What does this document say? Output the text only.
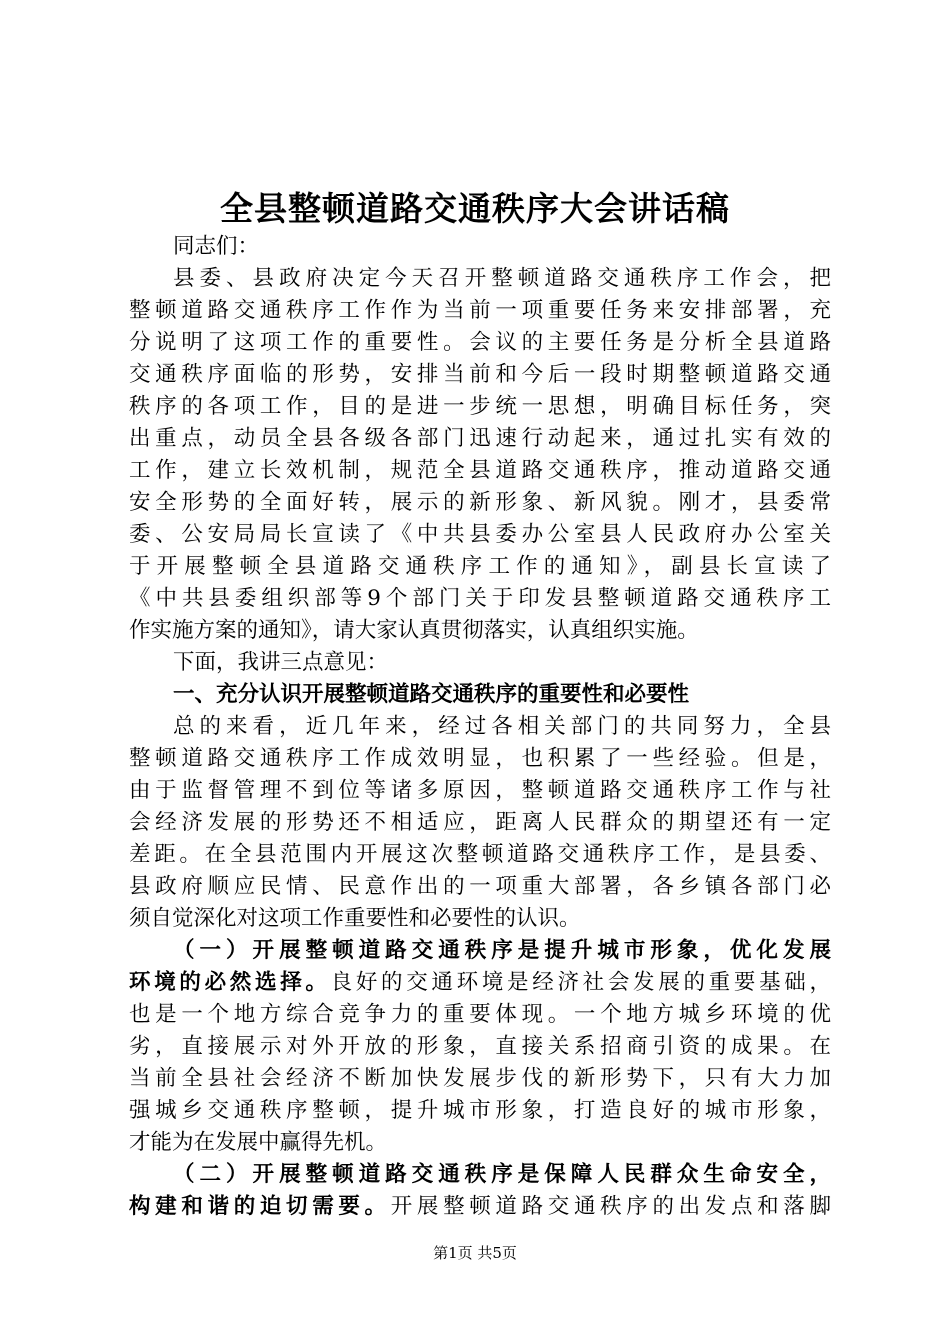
全县整顿道路交通秩序大会讲话稿
同志们：
县委、县政府决定今天召开整顿道路交通秩序工作会，把
整顿道路交通秩序工作作为当前一项重要任务来安排部署，充
分说明了这项工作的重要性。会议的主要任务是分析全县道路
交通秩序面临的形势，安排当前和今后一段时期整顿道路交通
秩序的各项工作，目的是进一步统一思想，明确目标任务，突
出重点，动员全县各级各部门迅速行动起来，通过扎实有效的
工作，建立长效机制，规范全县道路交通秩序，推动道路交通
安全形势的全面好转，展示的新形象、新风貌。刚才，县委常
委、公安局局长宣读了《中共县委办公室县人民政府办公室关
于开展整顿全县道路交通秩序工作的通知》，副县长宣读了
《中共县委组织部等9个部门关于印发县整顿道路交通秩序工
作实施方案的通知》，请大家认真贯彻落实，认真组织实施。
下面，我讲三点意见：
一、充分认识开展整顿道路交通秩序的重要性和必要性
总的来看，近几年来，经过各相关部门的共同努力，全县
整顿道路交通秩序工作成效明显，也积累了一些经验。但是，
由于监督管理不到位等诸多原因，整顿道路交通秩序工作与社
会经济发展的形势还不相适应，距离人民群众的期望还有一定
差距。在全县范围内开展这次整顿道路交通秩序工作，是县委、
县政府顺应民情、民意作出的一项重大部署，各乡镇各部门必
须自觉深化对这项工作重要性和必要性的认识。
（一）开展整顿道路交通秩序是提升城市形象，优化发展
环境的必然选择。良好的交通环境是经济社会发展的重要基础，
也是一个地方综合竞争力的重要体现。一个地方城乡环境的优
劣，直接展示对外开放的形象，直接关系招商引资的成果。在
当前全县社会经济不断加快发展步伐的新形势下，只有大力加
强城乡交通秩序整顿，提升城市形象，打造良好的城市形象，
才能为在发展中赢得先机。
（二）开展整顿道路交通秩序是保障人民群众生命安全，
构建和谐的迫切需要。开展整顿道路交通秩序的出发点和落脚
第1页 共5页
